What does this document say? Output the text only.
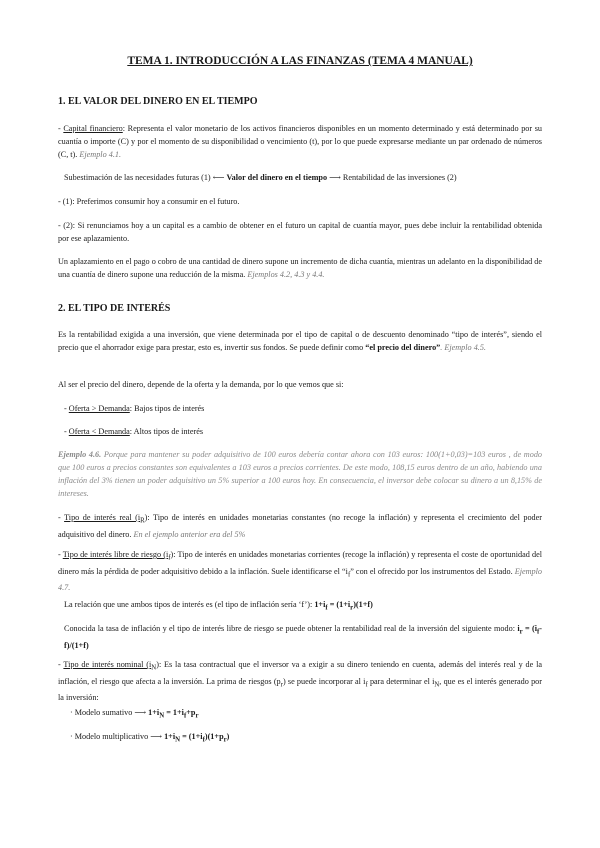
TEMA 1. INTRODUCCIÓN A LAS FINANZAS (TEMA 4 MANUAL)
1. EL VALOR DEL DINERO EN EL TIEMPO
- Capital financiero: Representa el valor monetario de los activos financieros disponibles en un momento determinado y está determinado por su cuantía o importe (C) y por el momento de su disponibilidad o vencimiento (t), por lo que puede expresarse mediante un par ordenado de números (C, t). Ejemplo 4.1.
Subestimación de las necesidades futuras (1) ⟵ Valor del dinero en el tiempo ⟶ Rentabilidad de las inversiones (2)
- (1): Preferimos consumir hoy a consumir en el futuro.
- (2): Si renunciamos hoy a un capital es a cambio de obtener en el futuro un capital de cuantía mayor, pues debe incluir la rentabilidad obtenida por ese aplazamiento.
Un aplazamiento en el pago o cobro de una cantidad de dinero supone un incremento de dicha cuantía, mientras un adelanto en la disponibilidad de una cuantía de dinero supone una reducción de la misma. Ejemplos 4.2, 4.3 y 4.4.
2. EL TIPO DE INTERÉS
Es la rentabilidad exigida a una inversión, que viene determinada por el tipo de capital o de descuento denominado “tipo de interés”, siendo el precio que el ahorrador exige para prestar, esto es, invertir sus fondos. Se puede definir como “el precio del dinero”. Ejemplo 4.5.
Al ser el precio del dinero, depende de la oferta y la demanda, por lo que vemos que si:
- Oferta > Demanda: Bajos tipos de interés
- Oferta < Demanda: Altos tipos de interés
Ejemplo 4.6. Porque para mantener su poder adquisitivo de 100 euros debería contar ahora con 103 euros: 100(1+0,03)=103 euros , de modo que 100 euros a precios constantes son equivalentes a 103 euros a precios corrientes. De este modo, 108,15 euros dentro de un año, habiendo una inflación del 3% tienen un poder adquisitivo un 5% superior a 100 euros hoy. En consecuencia, el inversor debe colocar su dinero a un 8,15% de intereses.
- Tipo de interés real $(i_R)$: Tipo de interés en unidades monetarias constantes (no recoge la inflación) y representa el crecimiento del poder adquisitivo del dinero. En el ejemplo anterior era del 5%
- Tipo de interés libre de riesgo $(i_f)$: Tipo de interés en unidades monetarias corrientes (recoge la inflación) y representa el coste de oportunidad del dinero más la pérdida de poder adquisitivo debido a la inflación. Suele identificarse el “$i_f$” con el ofrecido por los instrumentos del Estado. Ejemplo 4.7.
La relación que une ambos tipos de interés es (el tipo de inflación sería ‘f’): $1+i_f = (1+i_r)(1+f)$
Conocida la tasa de inflación y el tipo de interés libre de riesgo se puede obtener la rentabilidad real de la inversión del siguiente modo: $i_r = (i_f-f)/(1+f)$
- Tipo de interés nominal $(i_N)$: Es la tasa contractual que el inversor va a exigir a su dinero teniendo en cuenta, además del interés real y de la inflación, el riesgo que afecta a la inversión. La prima de riesgos $(p_r)$ se puede incorporar al $i_f$ para determinar el $i_N$, que es el interés generado por la inversión:
· Modelo sumativo ⟶ $1+i_N = 1+i_f+p_r$
· Modelo multiplicativo ⟶ $1+i_N = (1+i_f)(1+p_r)$
